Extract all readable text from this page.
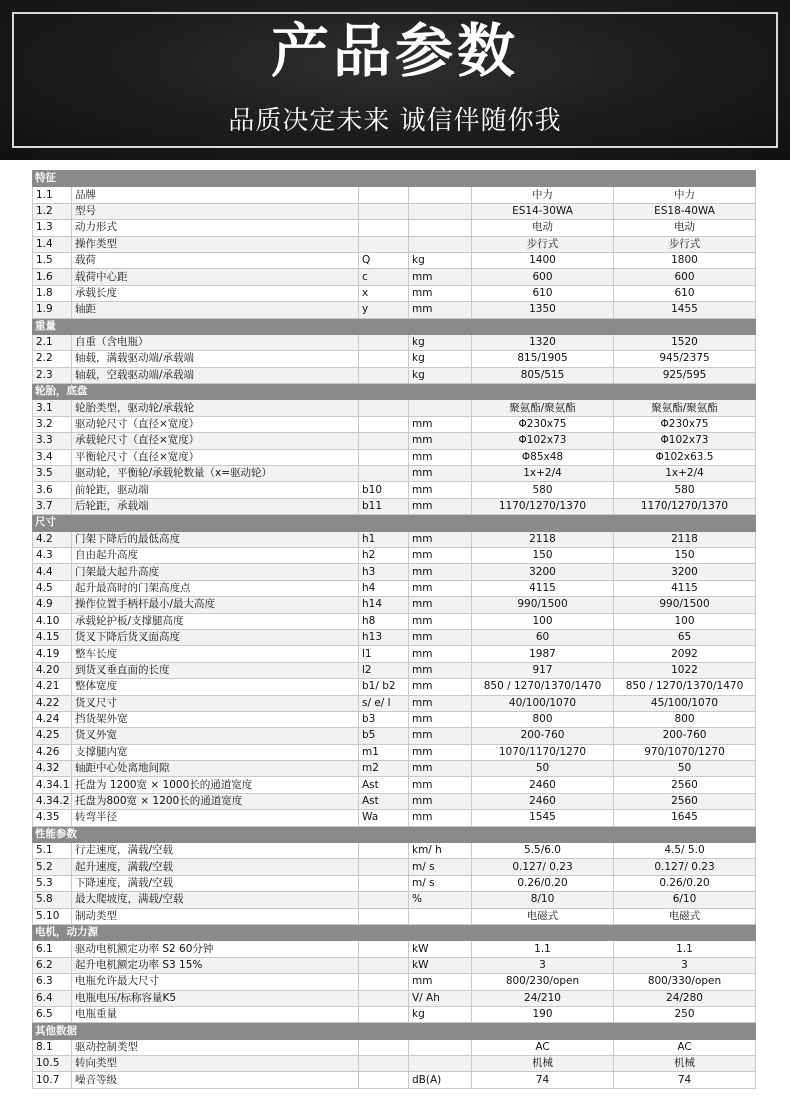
产品参数
品质决定未来 诚信伴随你我
特征					
1.1	品牌			中力	中力
1.2	型号			ES14-30WA	ES18-40WA
1.3	动力形式			电动	电动
1.4	操作类型			步行式	步行式
1.5	载荷	Q	kg	1400	1800
1.6	载荷中心距	c	mm	600	600
1.8	承载长度	x	mm	610	610
1.9	轴距	y	mm	1350	1455
重量					
2.1	自重（含电瓶）		kg	1320	1520
2.2	轴载，满载驱动端/承载端		kg	815/1905	945/2375
2.3	轴载，空载驱动端/承载端		kg	805/515	925/595
轮胎，底盘					
3.1	轮胎类型，驱动轮/承载轮			聚氨酯/聚氨酯	聚氨酯/聚氨酯
3.2	驱动轮尺寸（直径×宽度）		mm	Φ230x75	Φ230x75
3.3	承载轮尺寸（直径×宽度）		mm	Φ102x73	Φ102x73
3.4	平衡轮尺寸（直径×宽度）		mm	Φ85x48	Φ102x63.5
3.5	驱动轮，平衡轮/承载轮数量（x=驱动轮）		mm	1x+2/4	1x+2/4
3.6	前轮距，驱动端	b10	mm	580	580
3.7	后轮距，承载端	b11	mm	1170/1270/1370	1170/1270/1370
尺寸					
4.2	门架下降后的最低高度	h1	mm	2118	2118
4.3	自由起升高度	h2	mm	150	150
4.4	门架最大起升高度	h3	mm	3200	3200
4.5	起升最高时的门架高度点	h4	mm	4115	4115
4.9	操作位置手柄杆最小/最大高度	h14	mm	990/1500	990/1500
4.10	承载轮护板/支撑腿高度	h8	mm	100	100
4.15	货叉下降后货叉面高度	h13	mm	60	65
4.19	整车长度	l1	mm	1987	2092
4.20	到货叉垂直面的长度	l2	mm	917	1022
4.21	整体宽度	b1/ b2	mm	850 / 1270/1370/1470	850 / 1270/1370/1470
4.22	货叉尺寸	s/ e/ l	mm	40/100/1070	45/100/1070
4.24	挡货架外宽	b3	mm	800	800
4.25	货叉外宽	b5	mm	200-760	200-760
4.26	支撑腿内宽	m1	mm	1070/1170/1270	970/1070/1270
4.32	轴距中心处离地间隙	m2	mm	50	50
4.34.1	托盘为 1200宽 × 1000长的通道宽度	Ast	mm	2460	2560
4.34.2	托盘为800宽 × 1200长的通道宽度	Ast	mm	2460	2560
4.35	转弯半径	Wa	mm	1545	1645
性能参数					
5.1	行走速度，满载/空载		km/ h	5.5/6.0	4.5/ 5.0
5.2	起升速度，满载/空载		m/ s	0.127/ 0.23	0.127/ 0.23
5.3	下降速度，满载/空载		m/ s	0.26/0.20	0.26/0.20
5.8	最大爬坡度，满载/空载		%	8/10	6/10
5.10	制动类型			电磁式	电磁式
电机，动力源					
6.1	驱动电机额定功率 S2 60分钟		kW	1.1	1.1
6.2	起升电机额定功率 S3 15%		kW	3	3
6.3	电瓶允许最大尺寸		mm	800/230/open	800/330/open
6.4	电瓶电压/标称容量K5		V/ Ah	24/210	24/280
6.5	电瓶重量		kg	190	250
其他数据					
8.1	驱动控制类型			AC	AC
10.5	转向类型			机械	机械
10.7	噪音等级		dB(A)	74	74
